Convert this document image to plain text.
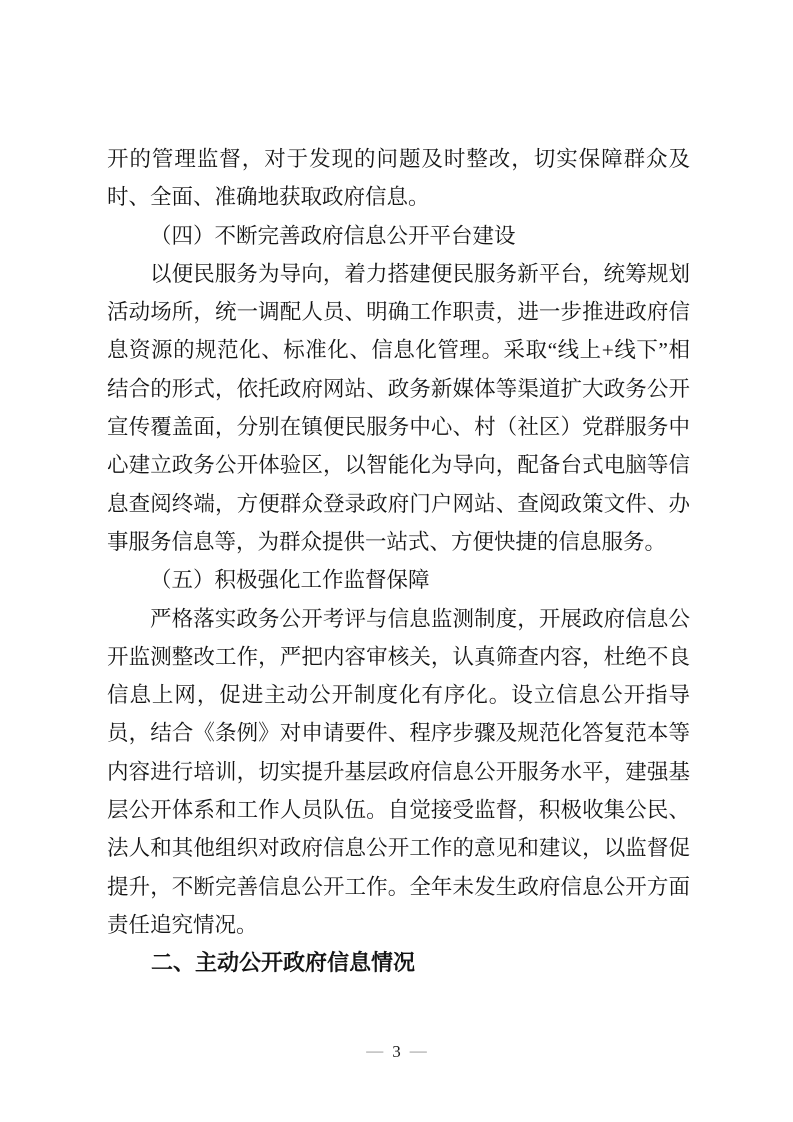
开的管理监督，对于发现的问题及时整改，切实保障群众及时、全面、准确地获取政府信息。

（四）不断完善政府信息公开平台建设

以便民服务为导向，着力搭建便民服务新平台，统筹规划活动场所，统一调配人员、明确工作职责，进一步推进政府信息资源的规范化、标准化、信息化管理。采取“线上+线下”相结合的形式，依托政府网站、政务新媒体等渠道扩大政务公开宣传覆盖面，分别在镇便民服务中心、村（社区）党群服务中心建立政务公开体验区，以智能化为导向，配备台式电脑等信息查阅终端，方便群众登录政府门户网站、查阅政策文件、办事服务信息等，为群众提供一站式、方便快捷的信息服务。

（五）积极强化工作监督保障

严格落实政务公开考评与信息监测制度，开展政府信息公开监测整改工作，严把内容审核关，认真筛查内容，杜绝不良信息上网，促进主动公开制度化有序化。设立信息公开指导员，结合《条例》对申请要件、程序步骤及规范化答复范本等内容进行培训，切实提升基层政府信息公开服务水平，建强基层公开体系和工作人员队伍。自觉接受监督，积极收集公民、法人和其他组织对政府信息公开工作的意见和建议，以监督促提升，不断完善信息公开工作。全年未发生政府信息公开方面责任追究情况。

二、主动公开政府信息情况

— 3 —
